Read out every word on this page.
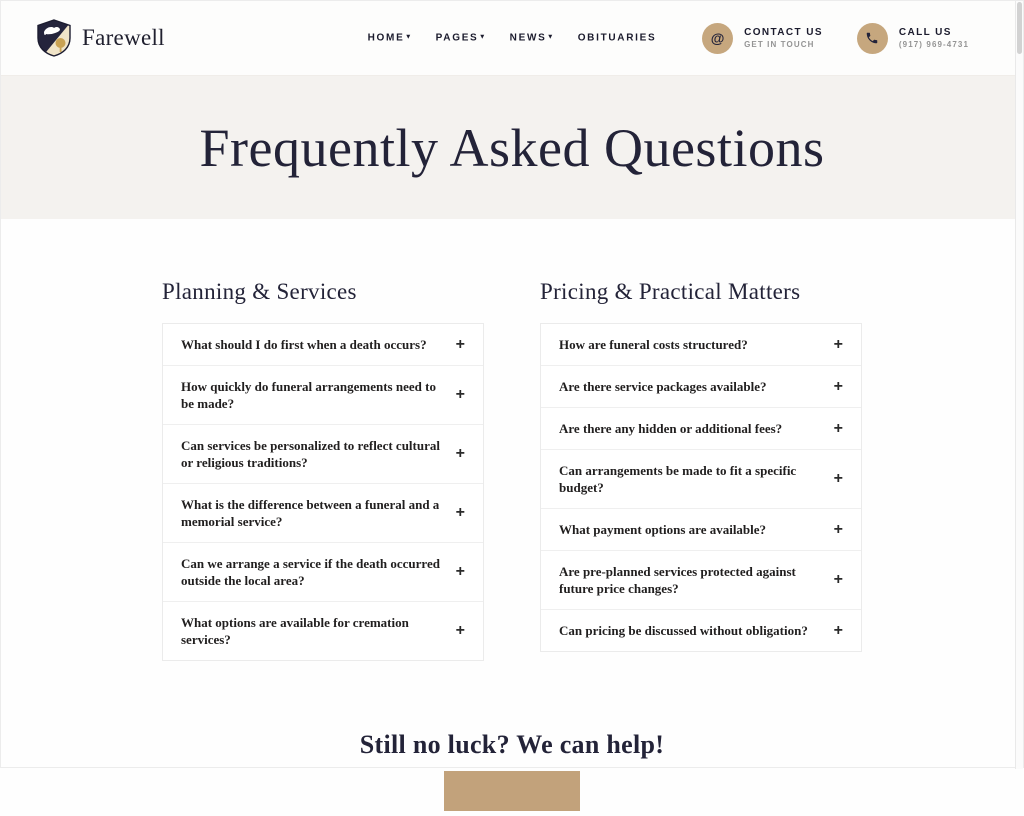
Farewell	HOME ▾ PAGES ▾ NEWS ▾ OBITUARIES	@	CONTACT US
GET IN TOUCH
CALL US
(917) 969-4731
Frequently Asked Questions
Planning & Services
What should I do first when a death occurs? +
How quickly do funeral arrangements need to be made?
+
Can services be personalized to reflect cultural or religious traditions?
+
What is the difference between a funeral and a memorial service?
+
Can we arrange a service if the death occurred outside the local area?
+
What options are available for cremation services?
+
Pricing & Practical Matters
How are funeral costs structured?	+
Are there service packages available?	+
Are there any hidden or additional fees?	+
Can arrangements be made to fit a specific budget?
+
What payment options are available?	+
Are pre-planned services protected against future price changes?
+
Can pricing be discussed without obligation? +
Still no luck? We can help!
